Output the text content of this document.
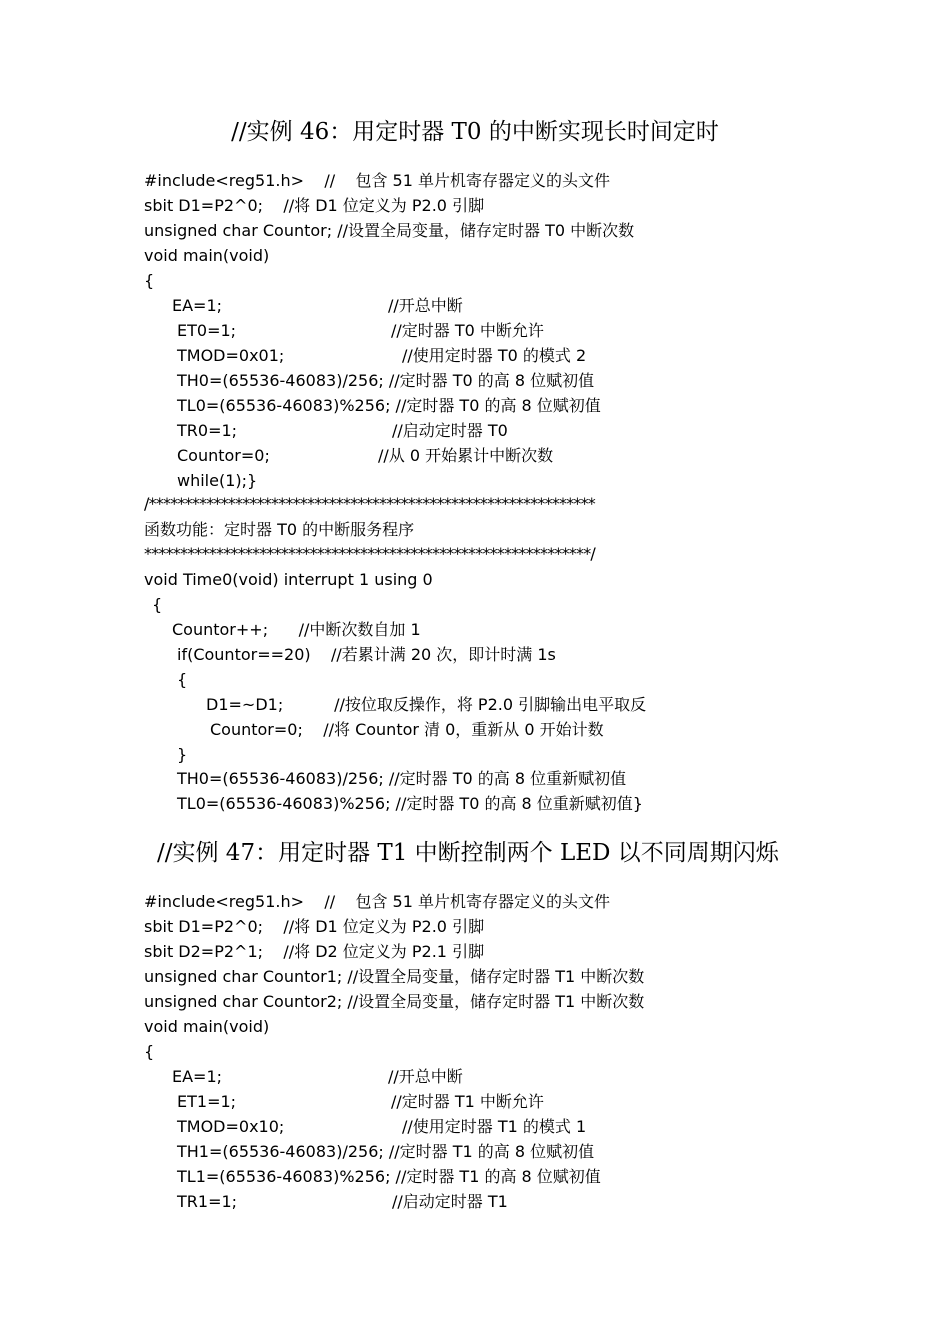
//实例 46：用定时器 T0 的中断实现长时间定时
#include<reg51.h>    //    包含 51 单片机寄存器定义的头文件
sbit D1=P2^0;    //将 D1 位定义为 P2.0 引脚
unsigned char Countor; //设置全局变量，储存定时器 T0 中断次数
void main(void)
{
EA=1;	//开总中断
ET0=1;	//定时器 T0 中断允许
TMOD=0x01;	//使用定时器 T0 的模式 2
TH0=(65536-46083)/256; //定时器 T0 的高 8 位赋初值
TL0=(65536-46083)%256; //定时器 T0 的高 8 位赋初值
TR0=1;	//启动定时器 T0
Countor=0;	//从 0 开始累计中断次数
while(1);}
/**************************************************************
函数功能：定时器 T0 的中断服务程序
**************************************************************/
void Time0(void) interrupt 1 using 0
{
Countor++;      //中断次数自加 1
if(Countor==20)    //若累计满 20 次，即计时满 1s
{
D1=~D1;          //按位取反操作，将 P2.0 引脚输出电平取反
Countor=0;    //将 Countor 清 0，重新从 0 开始计数
}
TH0=(65536-46083)/256; //定时器 T0 的高 8 位重新赋初值
TL0=(65536-46083)%256; //定时器 T0 的高 8 位重新赋初值}
//实例 47：用定时器 T1 中断控制两个 LED 以不同周期闪烁
#include<reg51.h>    //    包含 51 单片机寄存器定义的头文件
sbit D1=P2^0;    //将 D1 位定义为 P2.0 引脚
sbit D2=P2^1;    //将 D2 位定义为 P2.1 引脚
unsigned char Countor1; //设置全局变量，储存定时器 T1 中断次数
unsigned char Countor2; //设置全局变量，储存定时器 T1 中断次数
void main(void)
{
EA=1;	//开总中断
ET1=1;	//定时器 T1 中断允许
TMOD=0x10;	//使用定时器 T1 的模式 1
TH1=(65536-46083)/256; //定时器 T1 的高 8 位赋初值
TL1=(65536-46083)%256; //定时器 T1 的高 8 位赋初值
TR1=1;	//启动定时器 T1
